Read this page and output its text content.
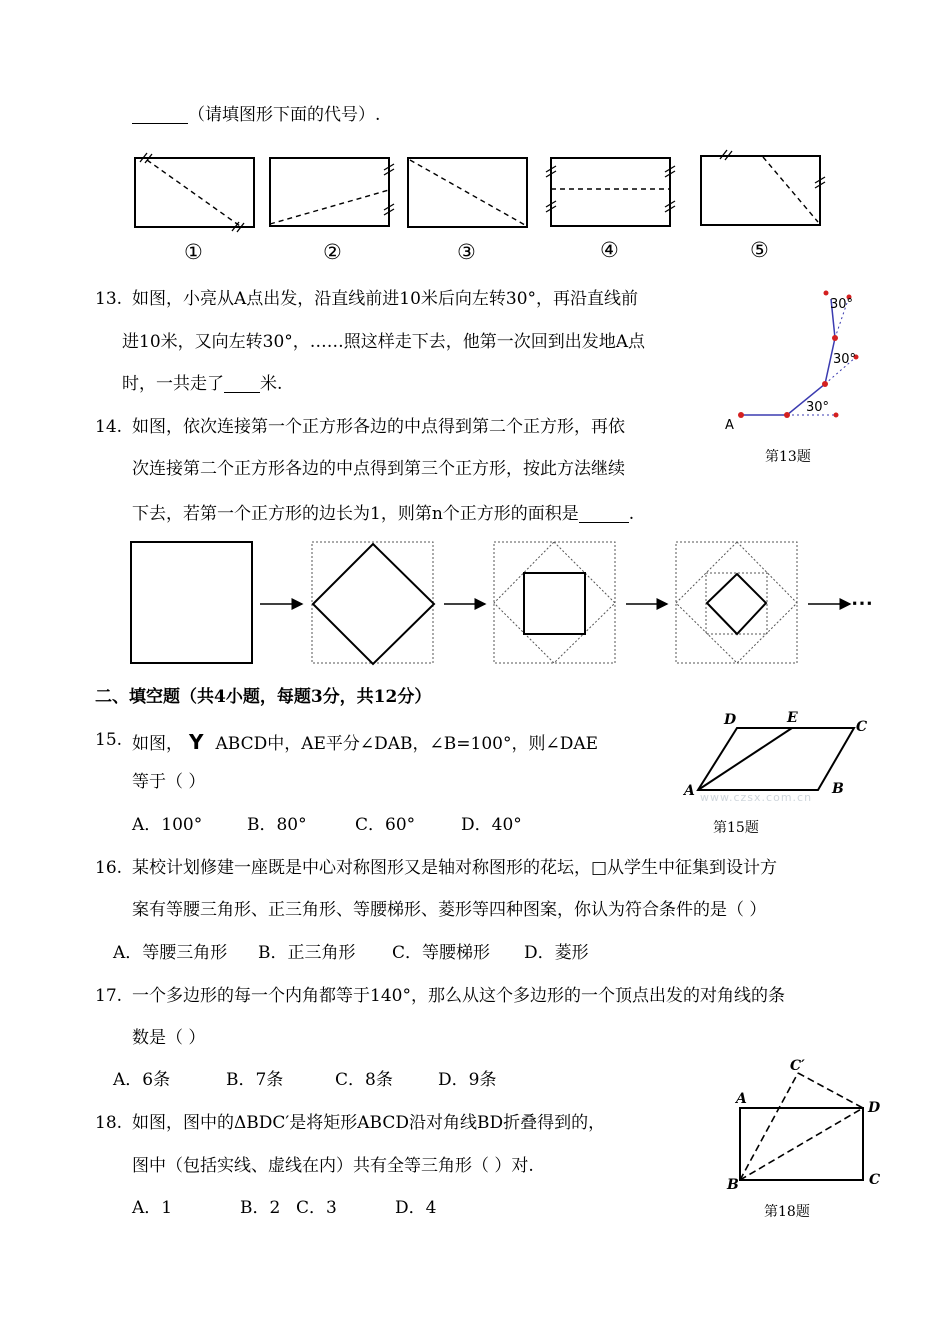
（请填图形下面的代号）.
①	②	③	④	⑤
13. 如图，小亮从A点出发，沿直线前进10米后向左转30°，再沿直线前
进10米，又向左转30°，……照这样走下去，他第一次回到出发地A点
时，一共走了 米.
A
30°
30°
30°
第13题
14. 如图，依次连接第一个正方形各边的中点得到第二个正方形，再依
次连接第二个正方形各边的中点得到第三个正方形，按此方法继续
下去，若第一个正方形的边长为1，则第n个正方形的面积是	.
⋯
二、填空题（共4小题，每题3分，共12分）
15. 如图， Y ABCD中，AE平分∠DAB，∠B=100°，则∠DAE
等于（ ）
A．100°	B．80°	C．60°	D．40°
D	E
C
A	B
www.czsx.com.cn
第15题
16. 某校计划修建一座既是中心对称图形又是轴对称图形的花坛，□从学生中征集到设计方
案有等腰三角形、正三角形、等腰梯形、菱形等四种图案，你认为符合条件的是（ ）
A．等腰三角形 B．正三角形 C．等腰梯形 D．菱形
17. 一个多边形的每一个内角都等于140°，那么从这个多边形的一个顶点出发的对角线的条
数是（ ）
A．6条	B．7条	C．8条	D．9条
18. 如图，图中的ΔBDC′是将矩形ABCD沿对角线BD折叠得到的，
图中（包括实线、虚线在内）共有全等三角形（ ）对.
A．1	B．2 C．3	D．4
C′
A
D
B	C
第18题
